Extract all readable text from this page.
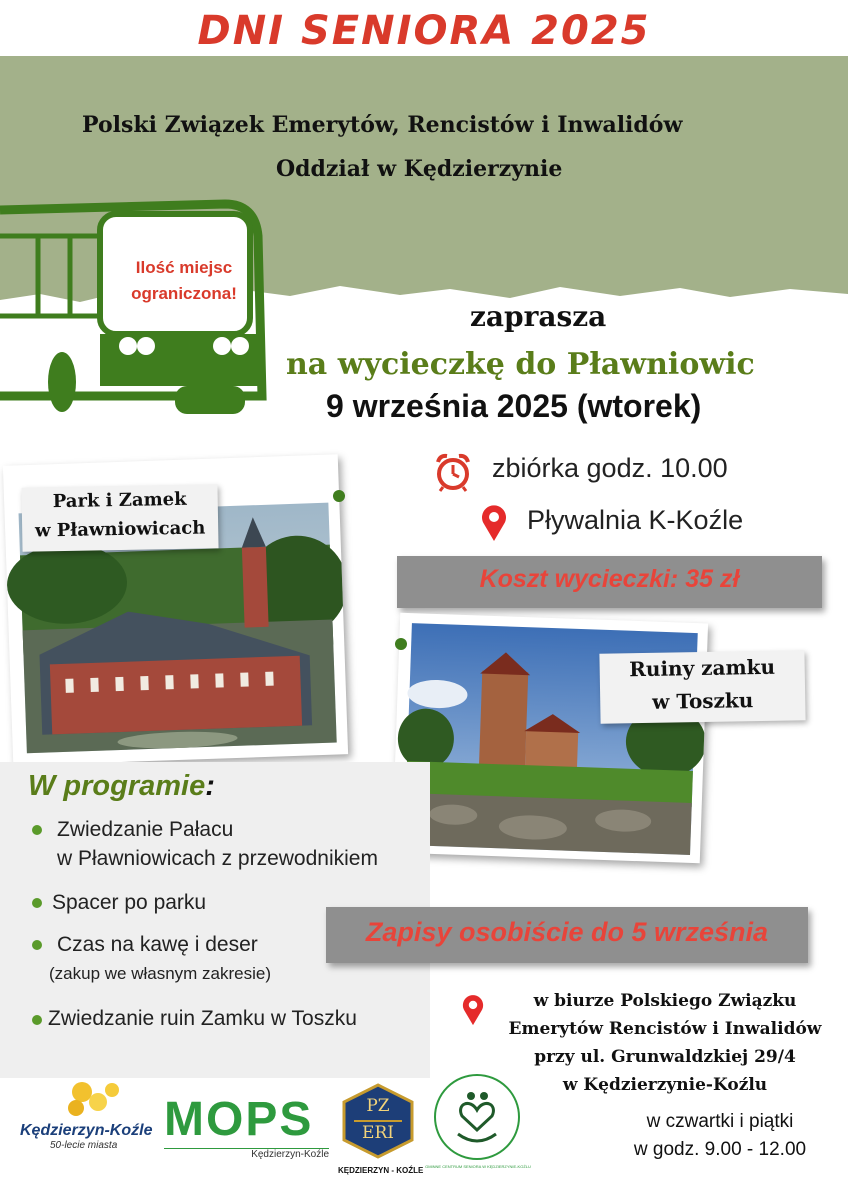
DNI SENIORA 2025
Polski Związek Emerytów, Rencistów i Inwalidów
Oddział w Kędzierzynie
Ilość miejsc
ograniczona!
zaprasza
na wycieczkę do Pławniowic
9 września 2025 (wtorek)
zbiórka godz. 10.00
Pływalnia K-Koźle
Koszt wycieczki: 35 zł
Park i Zamek
w Pławniowicach
Ruiny zamku
w Toszku
W programie:
Zwiedzanie Pałacu
w Pławniowicach z przewodnikiem
Spacer po parku
Czas na kawę i deser
(zakup we własnym zakresie)
Zwiedzanie ruin Zamku w Toszku
Zapisy osobiście do 5 września
w biurze Polskiego Związku
Emerytów Rencistów i Inwalidów
przy ul. Grunwaldzkiej 29/4
w Kędzierzynie-Koźlu
w czwartki i piątki
w godz. 9.00 - 12.00
Kędzierzyn-Koźle
50-lecie miasta MOPS
Kędzierzyn-Koźle
PZ
ERI
KĘDZIERZYN - KOŹLE GMINNE CENTRUM SENIORA W KĘDZIERZYNIE-KOŹLU
